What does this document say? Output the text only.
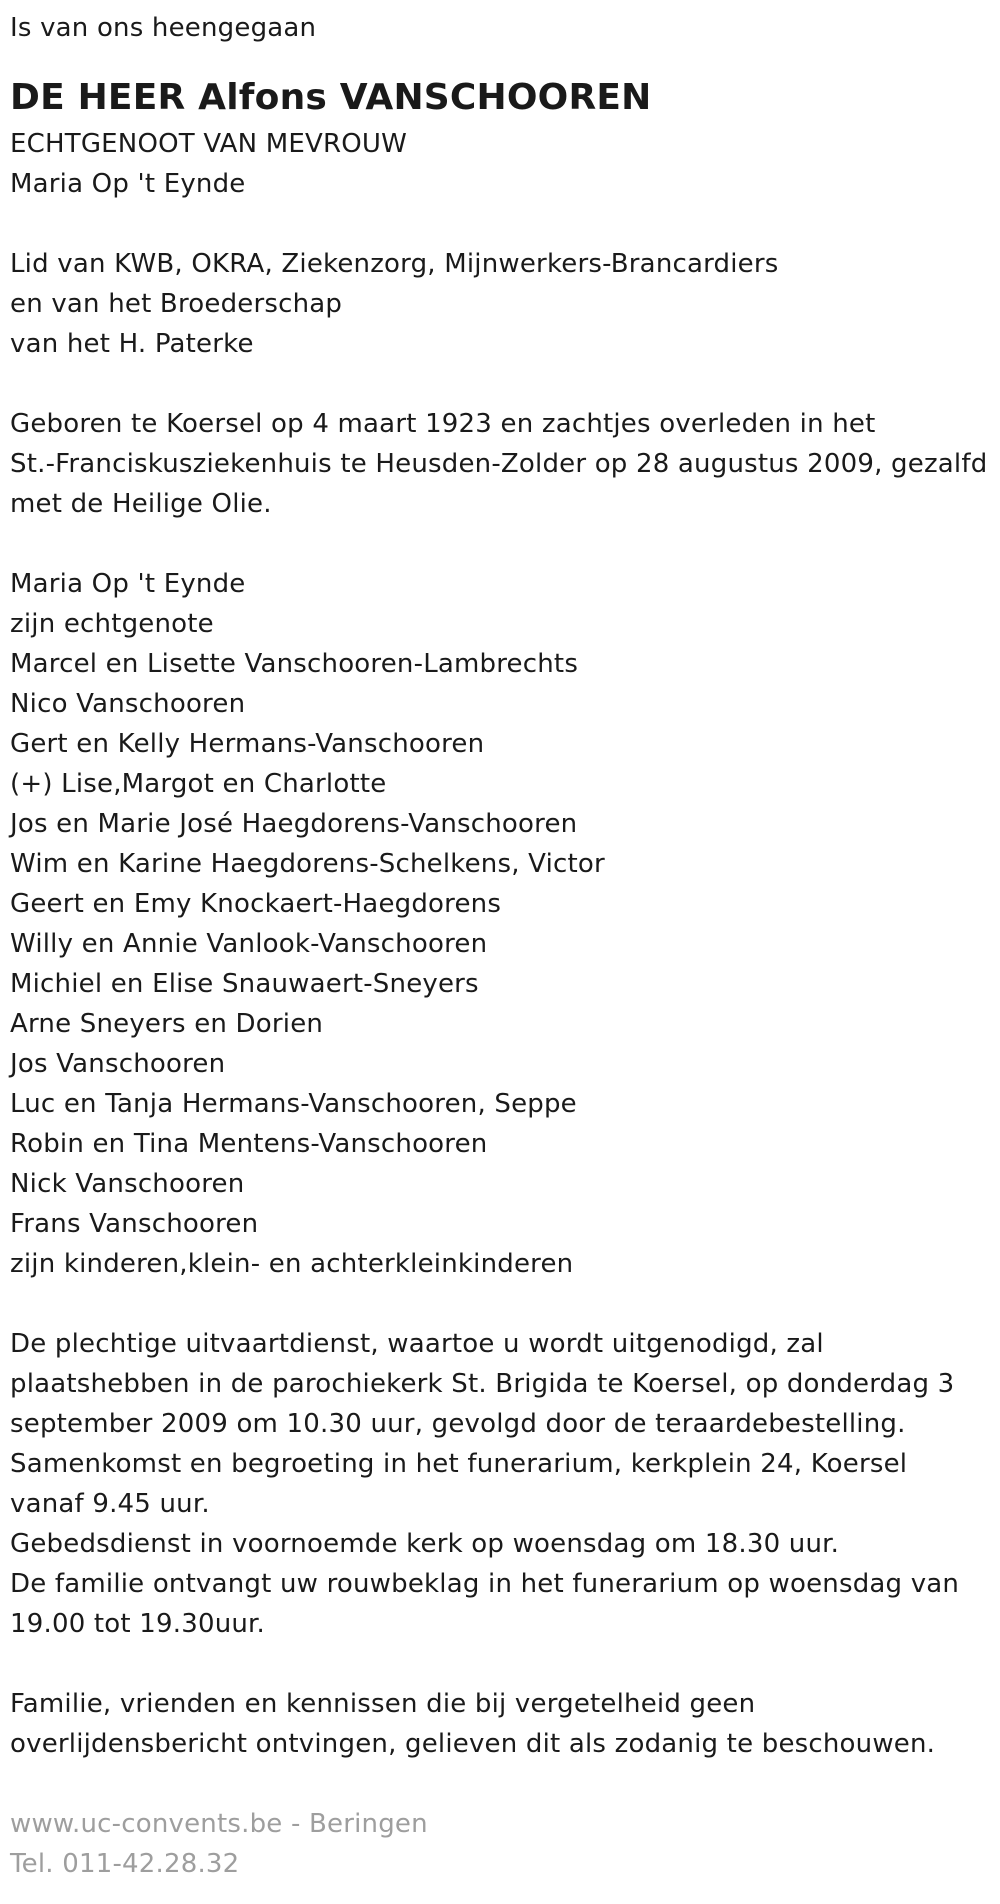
Is van ons heengegaan
DE HEER Alfons VANSCHOOREN
ECHTGENOOT VAN MEVROUW
Maria Op 't Eynde
Lid van KWB, OKRA, Ziekenzorg, Mijnwerkers-Brancardiers
en van het Broederschap
van het H. Paterke
Geboren te Koersel op 4 maart 1923 en zachtjes overleden in het
St.-Franciskusziekenhuis te Heusden-Zolder op 28 augustus 2009, gezalfd
met de Heilige Olie.
Maria Op 't Eynde
zijn echtgenote
Marcel en Lisette Vanschooren-Lambrechts
Nico Vanschooren
Gert en Kelly Hermans-Vanschooren
(+) Lise,Margot en Charlotte
Jos en Marie José Haegdorens-Vanschooren
Wim en Karine Haegdorens-Schelkens, Victor
Geert en Emy Knockaert-Haegdorens
Willy en Annie Vanlook-Vanschooren
Michiel en Elise Snauwaert-Sneyers
Arne Sneyers en Dorien
Jos Vanschooren
Luc en Tanja Hermans-Vanschooren, Seppe
Robin en Tina Mentens-Vanschooren
Nick Vanschooren
Frans Vanschooren
zijn kinderen,klein- en achterkleinkinderen
De plechtige uitvaartdienst, waartoe u wordt uitgenodigd, zal
plaatshebben in de parochiekerk St. Brigida te Koersel, op donderdag 3
september 2009 om 10.30 uur, gevolgd door de teraardebestelling.
Samenkomst en begroeting in het funerarium, kerkplein 24, Koersel
vanaf 9.45 uur.
Gebedsdienst in voornoemde kerk op woensdag om 18.30 uur.
De familie ontvangt uw rouwbeklag in het funerarium op woensdag van
19.00 tot 19.30uur.
Familie, vrienden en kennissen die bij vergetelheid geen
overlijdensbericht ontvingen, gelieven dit als zodanig te beschouwen.
www.uc-convents.be - Beringen
Tel. 011-42.28.32
